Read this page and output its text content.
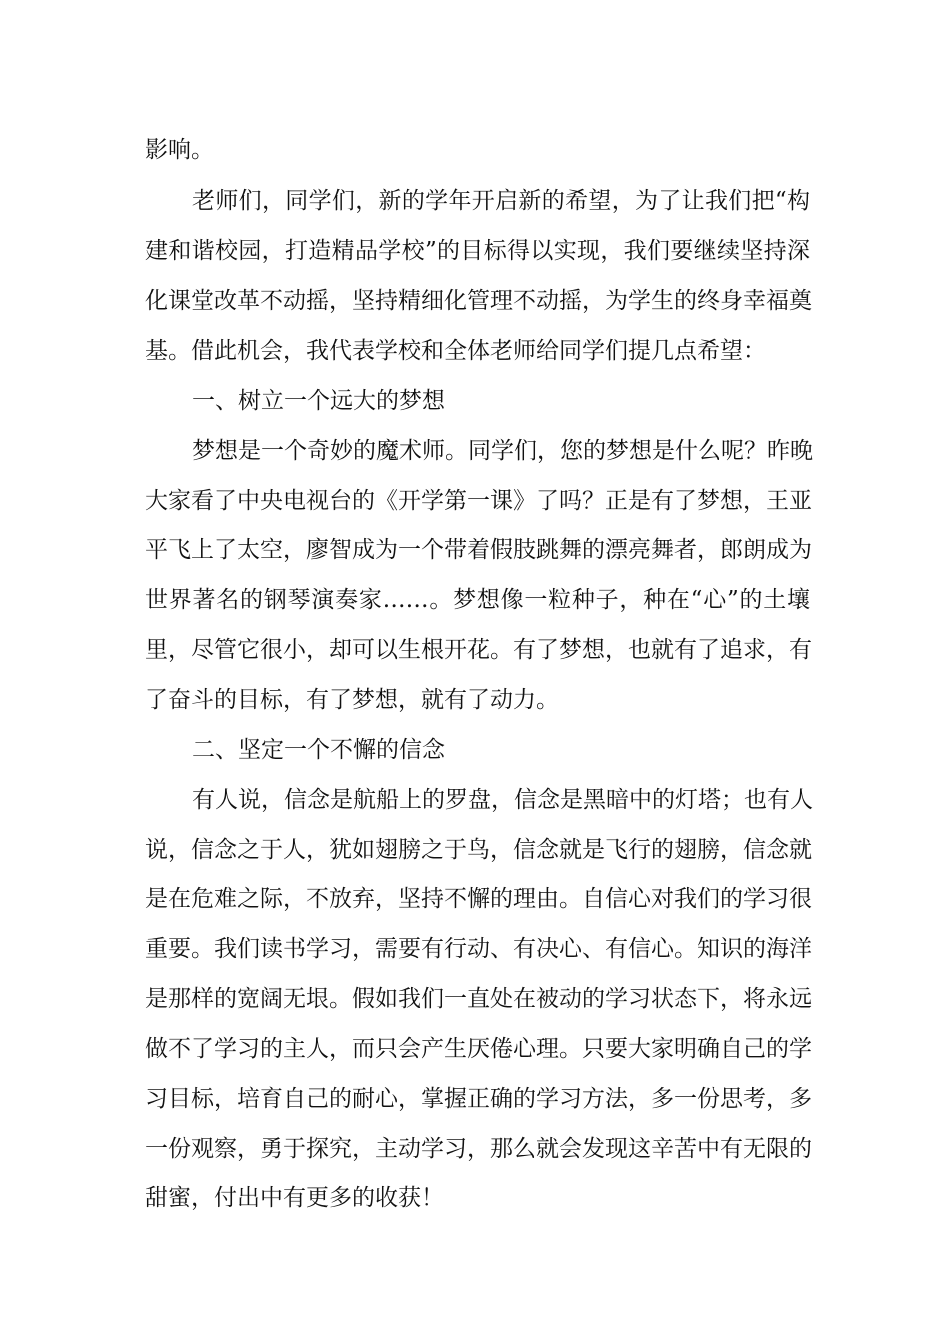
影响。

老师们，同学们，新的学年开启新的希望，为了让我们把“构

建和谐校园，打造精品学校”的目标得以实现，我们要继续坚持深

化课堂改革不动摇，坚持精细化管理不动摇，为学生的终身幸福奠

基。借此机会，我代表学校和全体老师给同学们提几点希望：

一、树立一个远大的梦想

梦想是一个奇妙的魔术师。同学们，您的梦想是什么呢？昨晚

大家看了中央电视台的《开学第一课》了吗？正是有了梦想，王亚

平飞上了太空，廖智成为一个带着假肢跳舞的漂亮舞者，郎朗成为

世界著名的钢琴演奏家……。梦想像一粒种子，种在“心”的土壤

里，尽管它很小，却可以生根开花。有了梦想，也就有了追求，有

了奋斗的目标，有了梦想，就有了动力。

二、坚定一个不懈的信念

有人说，信念是航船上的罗盘，信念是黑暗中的灯塔；也有人

说，信念之于人，犹如翅膀之于鸟，信念就是飞行的翅膀，信念就

是在危难之际，不放弃，坚持不懈的理由。自信心对我们的学习很

重要。我们读书学习，需要有行动、有决心、有信心。知识的海洋

是那样的宽阔无垠。假如我们一直处在被动的学习状态下，将永远

做不了学习的主人，而只会产生厌倦心理。只要大家明确自己的学

习目标，培育自己的耐心，掌握正确的学习方法，多一份思考，多

一份观察，勇于探究，主动学习，那么就会发现这辛苦中有无限的

甜蜜，付出中有更多的收获！
